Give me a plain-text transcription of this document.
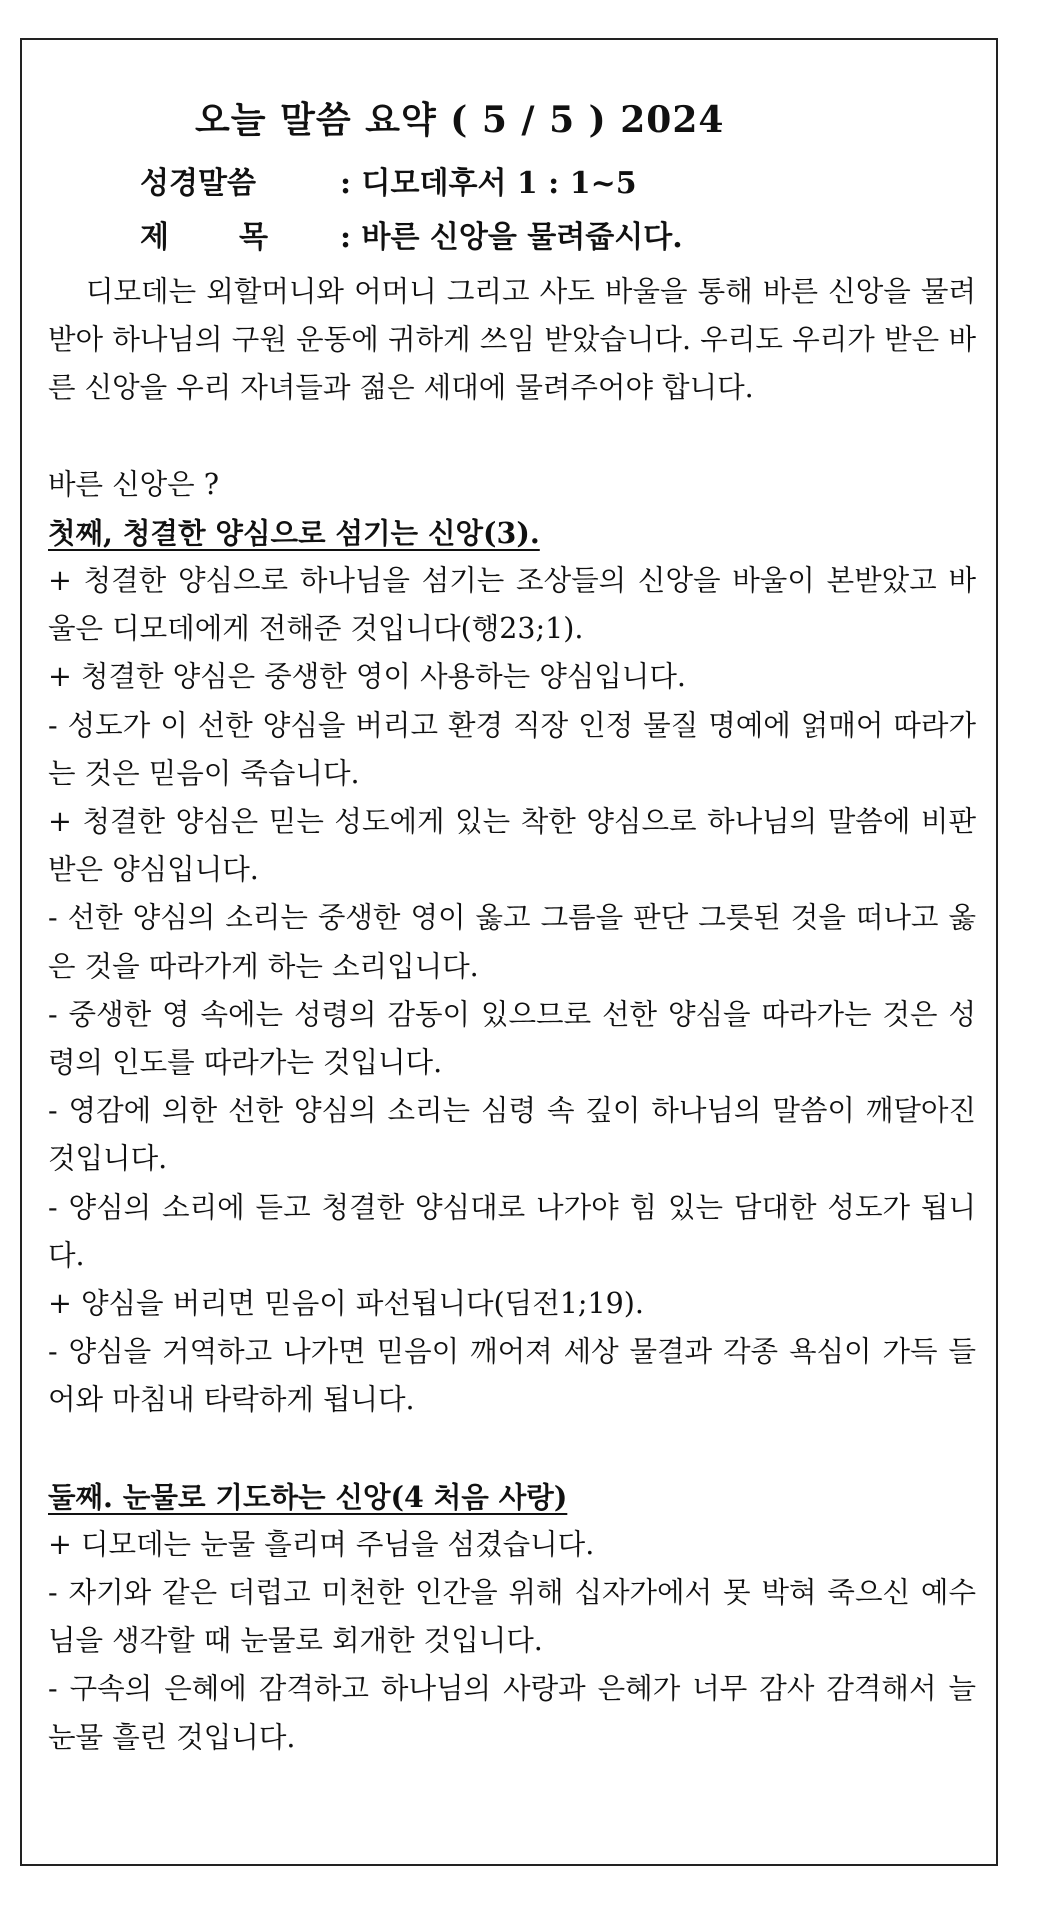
오늘 말씀 요약 ( 5 / 5 ) 2024
성경말씀	: 디모데후서 1 : 1~5
제목: 바른 신앙을 물려줍시다.

디모데는 외할머니와 어머니 그리고 사도 바울을 통해 바른 신앙을 물려받아 하나님의 구원 운동에 귀하게 쓰임 받았습니다. 우리도 우리가 받은 바른 신앙을 우리 자녀들과 젊은 세대에 물려주어야 합니다.

바른 신앙은 ?

첫째, 청결한 양심으로 섬기는 신앙(3).

+ 청결한 양심으로 하나님을 섬기는 조상들의 신앙을 바울이 본받았고 바울은 디모데에게 전해준 것입니다(행23;1).

+ 청결한 양심은 중생한 영이 사용하는 양심입니다.

- 성도가 이 선한 양심을 버리고 환경 직장 인정 물질 명예에 얽매어 따라가는 것은 믿음이 죽습니다.

+ 청결한 양심은 믿는 성도에게 있는 착한 양심으로 하나님의 말씀에 비판받은 양심입니다.

- 선한 양심의 소리는 중생한 영이 옳고 그름을 판단 그릇된 것을 떠나고 옳은 것을 따라가게 하는 소리입니다.

- 중생한 영 속에는 성령의 감동이 있으므로 선한 양심을 따라가는 것은 성령의 인도를 따라가는 것입니다.

- 영감에 의한 선한 양심의 소리는 심령 속 깊이 하나님의 말씀이 깨달아진 것입니다.

- 양심의 소리에 듣고 청결한 양심대로 나가야 힘 있는 담대한 성도가 됩니다.

+ 양심을 버리면 믿음이 파선됩니다(딤전1;19).

- 양심을 거역하고 나가면 믿음이 깨어져 세상 물결과 각종 욕심이 가득 들어와 마침내 타락하게 됩니다.

둘째. 눈물로 기도하는 신앙(4 처음 사랑)

+ 디모데는 눈물 흘리며 주님을 섬겼습니다.

- 자기와 같은 더럽고 미천한 인간을 위해 십자가에서 못 박혀 죽으신 예수님을 생각할 때 눈물로 회개한 것입니다.

- 구속의 은혜에 감격하고 하나님의 사랑과 은혜가 너무 감사 감격해서 늘 눈물 흘린 것입니다.
